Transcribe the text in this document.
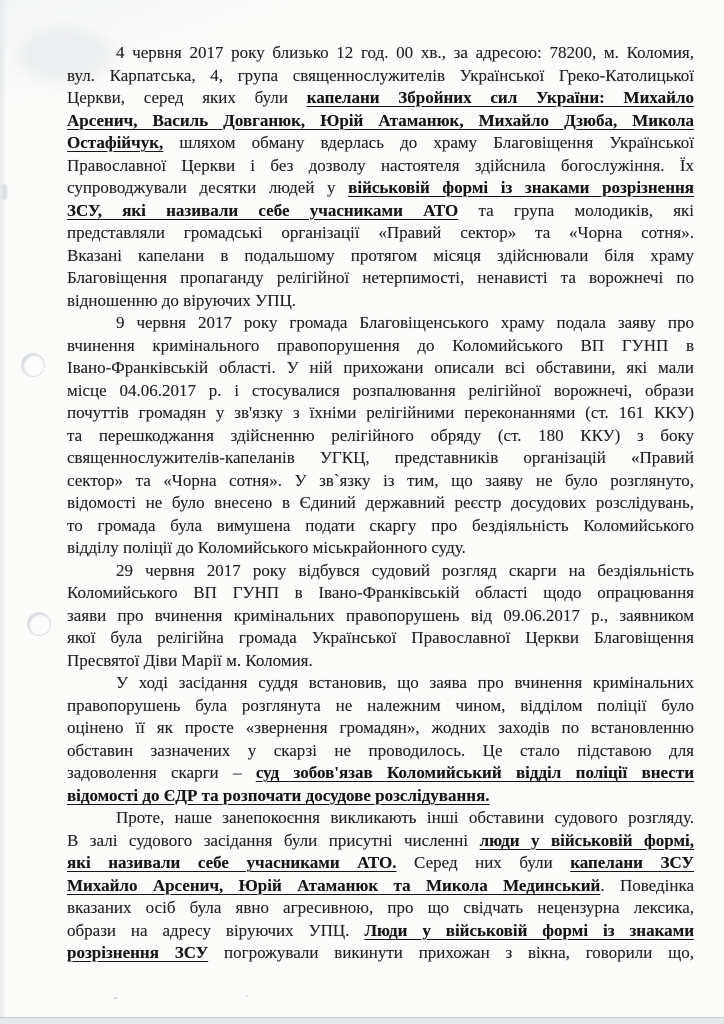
4 червня 2017 року близько 12 год. 00 хв., за адресою: 78200, м. Коломия,
вул. Карпатська, 4, група священнослужителів Української Греко-Католицької
Церкви, серед яких були капелани Збройних сил України: Михайло
Арсенич, Василь Довганюк, Юрій Атаманюк, Михайло Дзюба, Микола
Остафійчук, шляхом обману вдерлась до храму Благовіщення Української
Православної Церкви і без дозволу настоятеля здійснила богослужіння. Їх
супроводжували десятки людей у військовій формі із знаками розрізнення
ЗСУ, які називали себе учасниками АТО та група молодиків, які
представляли громадські організації «Правий сектор» та «Чорна сотня».
Вказані капелани в подальшому протягом місяця здійснювали біля храму
Благовіщення пропаганду релігійної нетерпимості, ненависті та ворожнечі по
відношенню до віруючих УПЦ.
9 червня 2017 року громада Благовіщенського храму подала заяву про
вчинення кримінального правопорушення до Коломийського ВП ГУНП в
Івано-Франківській області. У ній прихожани описали всі обставини, які мали
місце 04.06.2017 р. і стосувалися розпалювання релігійної ворожнечі, образи
почуттів громадян у зв'язку з їхніми релігійними переконаннями (ст. 161 ККУ)
та перешкоджання здійсненню релігійного обряду (ст. 180 ККУ) з боку
священнослужителів-капеланів УГКЦ, представників організацій «Правий
сектор» та «Чорна сотня». У зв`язку із тим, що заяву не було розглянуто,
відомості не було внесено в Єдиний державний реєстр досудових розслідувань,
то громада була вимушена подати скаргу про бездіяльність Коломийського
відділу поліції до Коломийського міськрайонного суду.
29 червня 2017 року відбувся судовий розгляд скарги на бездіяльність
Коломийського ВП ГУНП в Івано-Франківській області щодо опрацювання
заяви про вчинення кримінальних правопорушень від 09.06.2017 р., заявником
якої була релігійна громада Української Православної Церкви Благовіщення
Пресвятої Діви Марії м. Коломия.
У ході засідання суддя встановив, що заява про вчинення кримінальних
правопорушень була розглянута не належним чином, відділом поліції було
оцінено її як просте «звернення громадян», жодних заходів по встановленню
обставин зазначених у скарзі не проводилось. Це стало підставою для
задоволення скарги – суд зобов'язав Коломийський відділ поліції внести
відомості до ЄДР та розпочати досудове розслідування.
Проте, наше занепокоєння викликають інші обставини судового розгляду.
В залі судового засідання були присутні численні люди у військовій формі,
які називали себе учасниками АТО. Серед них були капелани ЗСУ
Михайло Арсенич, Юрій Атаманюк та Микола Мединський. Поведінка
вказаних осіб була явно агресивною, про що свідчать нецензурна лексика,
образи на адресу віруючих УПЦ. Люди у військовій формі із знаками
розрізнення ЗСУ погрожували викинути прихожан з вікна, говорили що,
